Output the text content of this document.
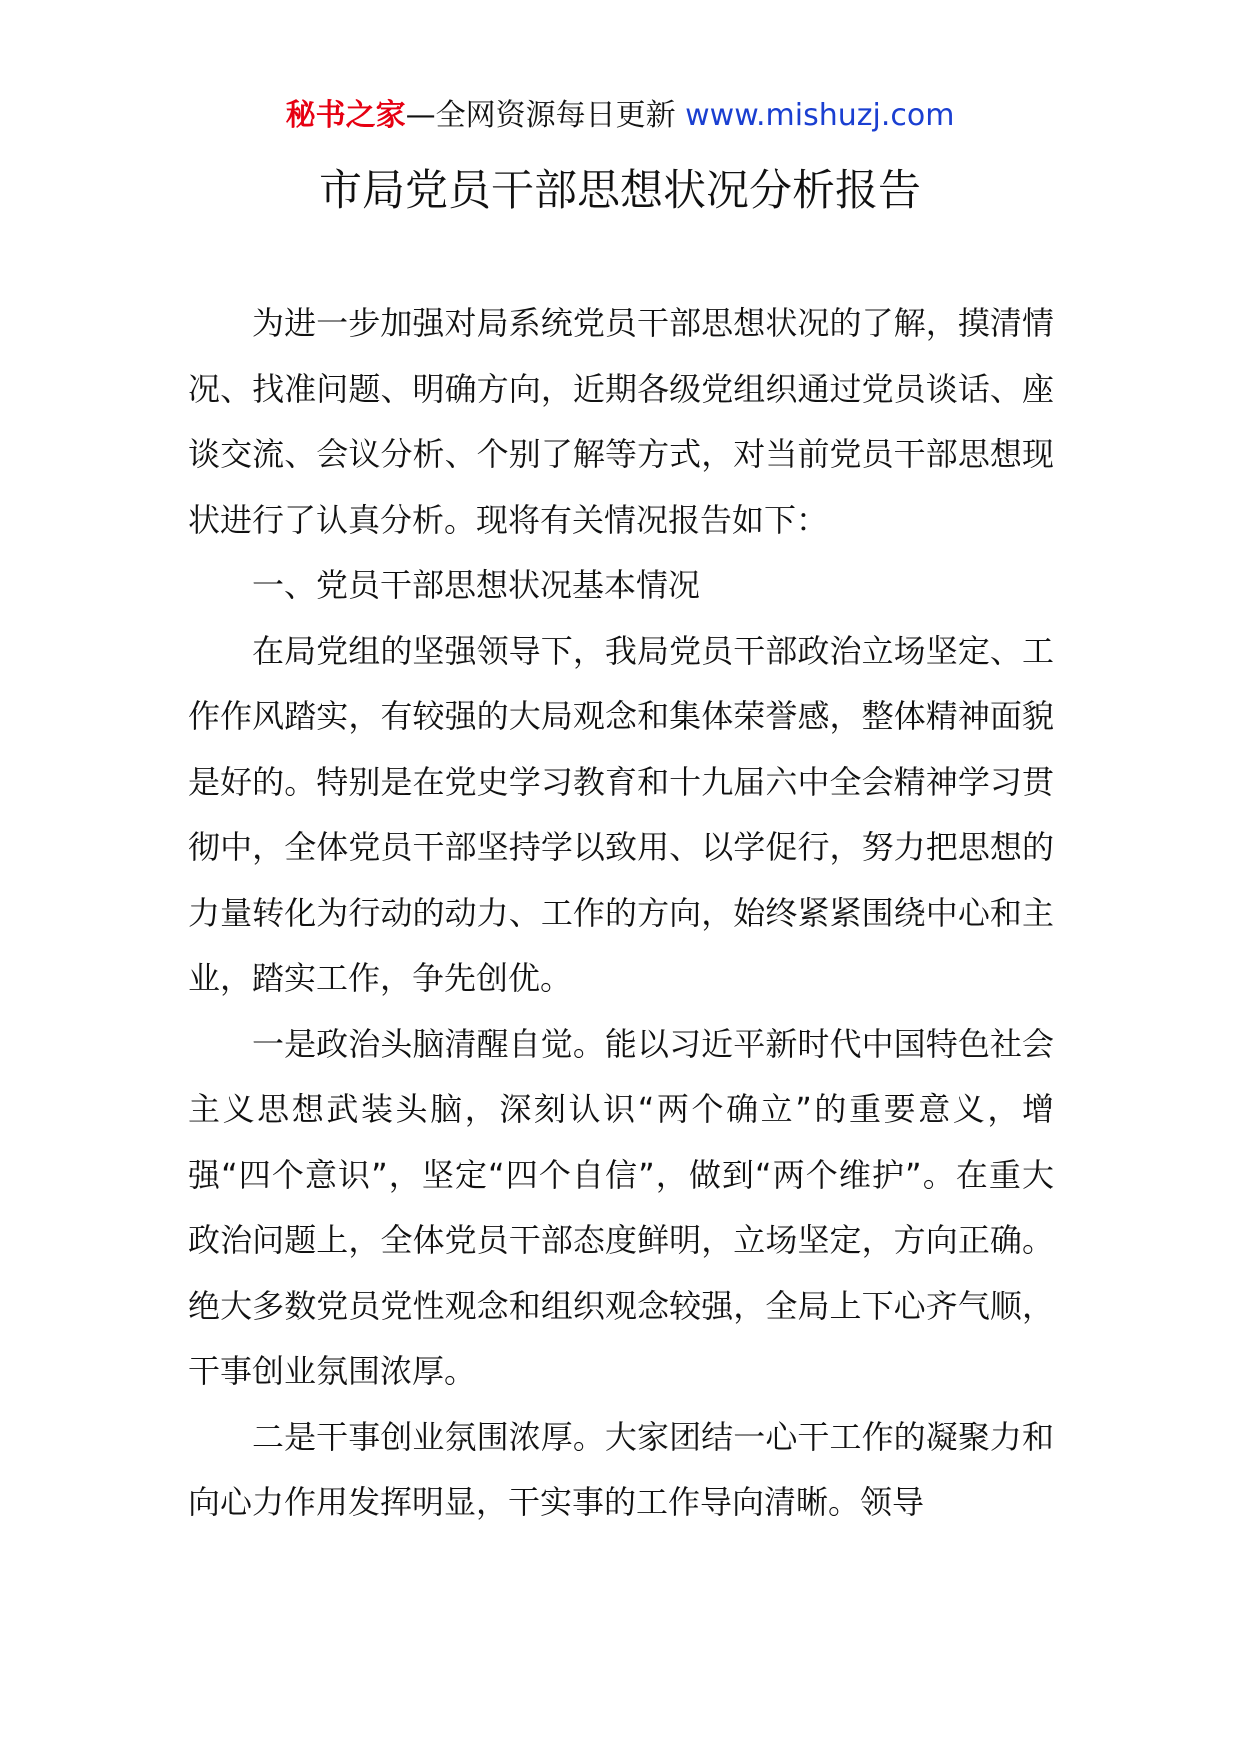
秘书之家—全网资源每日更新 www.mishuzj.com
市局党员干部思想状况分析报告

为进一步加强对局系统党员干部思想状况的了解，摸清情况、找准问题、明确方向，近期各级党组织通过党员谈话、座谈交流、会议分析、个别了解等方式，对当前党员干部思想现状进行了认真分析。现将有关情况报告如下：

一、党员干部思想状况基本情况

在局党组的坚强领导下，我局党员干部政治立场坚定、工作作风踏实，有较强的大局观念和集体荣誉感，整体精神面貌是好的。特别是在党史学习教育和十九届六中全会精神学习贯彻中，全体党员干部坚持学以致用、以学促行，努力把思想的力量转化为行动的动力、工作的方向，始终紧紧围绕中心和主业，踏实工作，争先创优。

一是政治头脑清醒自觉。能以习近平新时代中国特色社会主义思想武装头脑，深刻认识“两个确立”的重要意义，增强“四个意识”，坚定“四个自信”，做到“两个维护”。在重大政治问题上，全体党员干部态度鲜明，立场坚定，方向正确。绝大多数党员党性观念和组织观念较强，全局上下心齐气顺，干事创业氛围浓厚。

二是干事创业氛围浓厚。大家团结一心干工作的凝聚力和向心力作用发挥明显，干实事的工作导向清晰。领导
